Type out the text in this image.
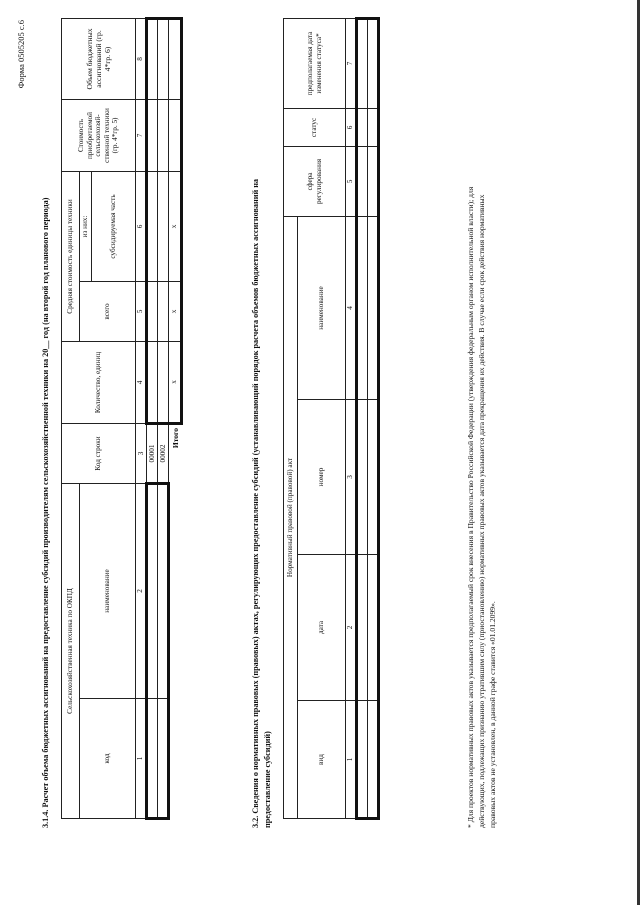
Форма 0505205 с.6
3.1.4. Расчет объема бюджетных ассигнований на предоставление субсидий производителям сельскохозяйственной техники на 20__ год (на второй год планового периода) Сельскохозяйственная техника по ОКПД		Код строки	Количество, единиц	Средняя стоимость единицы техники		Стоимость приобретаемой сельскохозяй-ственной техники (гр. 4*гр. 5)	Объем бюджетных ассигнований (гр. 4*гр. 6)
код	наименование			всего	из них:		
					субсидируемая часть		
1	2	3	4	5	6	7	8
		00001					
		00002					
Итого			x	x	x			3.2. Сведения о нормативных правовых (правовых) актах, регулирующих предоставление субсидий (устанавливающий порядок расчета объемов бюджетных ассигнований на предоставление субсидий)
Нормативный правовой (правовой) акт				сфера регулирования	статус	предполагаемая дата изменения статуса*
вид	дата	номер	наименование			
1	2	3	4	5	6	7

* Для проектов нормативных правовых актов указывается предполагаемый срок внесения в Правительство Российской Федерации (утверждения федеральным органом исполнительной власти); для действующих, подлежащих признанию утратившим силу (приостановлению) нормативных правовых актов указывается дата прекращения их действия. В случае если срок действия нормативных правовых актов не установлен, в данной графе ставится «01.01.2099».
